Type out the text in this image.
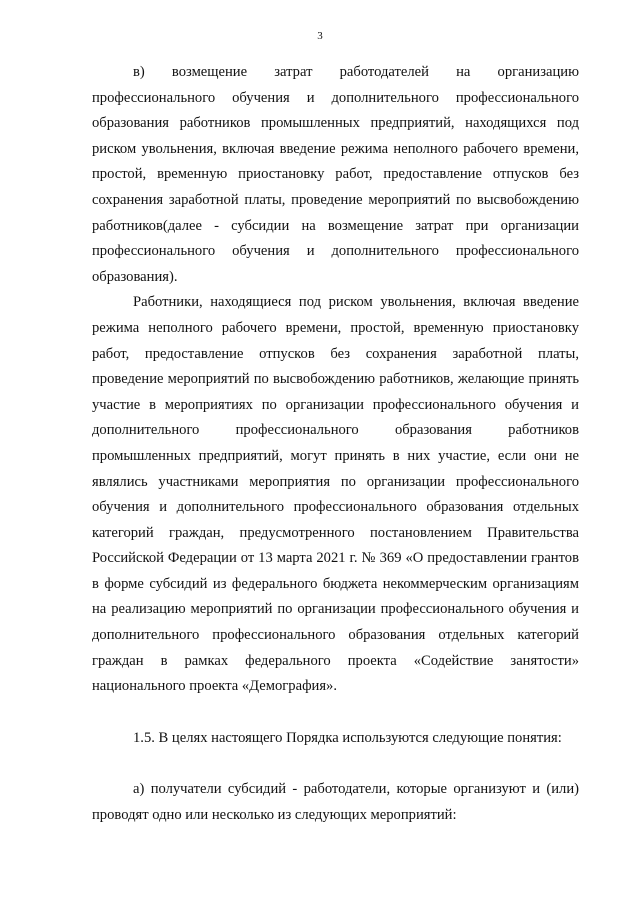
3

в) возмещение затрат работодателей на организацию профессионального обучения и дополнительного профессионального образования работников промышленных предприятий, находящихся под риском увольнения, включая введение режима неполного рабочего времени, простой, временную приостановку работ, предоставление отпусков без сохранения заработной платы, проведение мероприятий по высвобождению работников(далее - субсидии на возмещение затрат при организации профессионального обучения и дополнительного профессионального образования).

Работники, находящиеся под риском увольнения, включая введение режима неполного рабочего времени, простой, временную приостановку работ, предоставление отпусков без сохранения заработной платы, проведение мероприятий по высвобождению работников, желающие принять участие в мероприятиях по организации профессионального обучения и дополнительного профессионального образования работников промышленных предприятий, могут принять в них участие, если они не являлись участниками мероприятия по организации профессионального обучения и дополнительного профессионального образования отдельных категорий граждан, предусмотренного постановлением Правительства Российской Федерации от 13 марта 2021 г. № 369 «О предоставлении грантов в форме субсидий из федерального бюджета некоммерческим организациям на реализацию мероприятий по организации профессионального обучения и дополнительного профессионального образования отдельных категорий граждан в рамках федерального проекта «Содействие занятости» национального проекта «Демография».

1.5. В целях настоящего Порядка используются следующие понятия:

а) получатели субсидий - работодатели, которые организуют и (или) проводят одно или несколько из следующих мероприятий:
